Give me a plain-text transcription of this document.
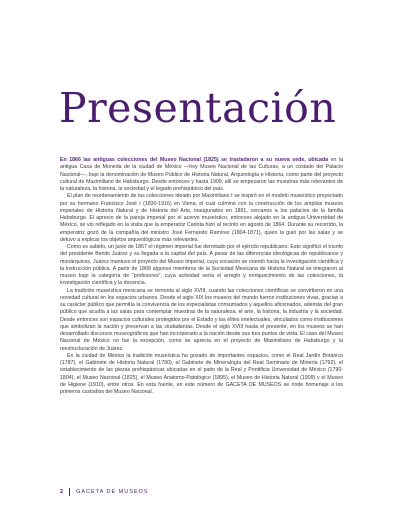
Presentación

En 1866 las antiguas colecciones del Museo Nacional (1825) se trasladaron a su nueva sede, ubicada en la antigua Casa de Moneda de la ciudad de México —hoy Museo Nacional de las Culturas, a un costado del Palacio Nacional—, bajo la denominación de Museo Público de Historia Natural, Arqueología e Historia, como parte del proyecto cultural de Maximiliano de Habsburgo. Desde entonces y hasta 1909, allí se empezaron las muestras más relevantes de la naturaleza, la historia, la sociedad y el legado prehispánico del país.

El plan de reordenamiento de las colecciones ideado por Maximiliano I se inspiró en el modelo museístico proyectado por su hermano Francisco José I (1830-1916) en Viena, el cual culminó con la construcción de los amplios museos imperiales de Historia Natural y de Historia del Arte, inaugurados en 1891, cercanos a los palacios de la familia Habsburgo. El aprecio de la pareja imperial por el acervo museístico, entonces alojado en la antigua Universidad de México, se vio reflejado en la visita que la emperatriz Carlota hizo al recinto en agosto de 1864. Durante su recorrido, la emperatriz gozó de la compañía del ministro José Fernando Ramírez (1804-1871), quien la guió por las salas y se detuvo a explicar los objetos arqueológicos más relevantes.

Como es sabido, un junio de 1867 el régimen imperial fue derrotado por el ejército republicano. Esto significó el triunfo del presidente Benito Juárez y su llegada a la capital del país. A pesar de las diferencias ideológicas de republicanos y monárquicos, Juárez mantuvo el proyecto del Museo Imperial, cuya vocación se orientó hacia la investigación científica y la instrucción pública. A partir de 1868 algunos miembros de la Sociedad Mexicana de Historia Natural se integraron al museo bajo la categoría de “profesores”, cuya actividad sería el arreglo y enriquecimiento de las colecciones, la investigación científica y la docencia.

La tradición museística mexicana se remonta al siglo XVIII, cuando las colecciones científicas se convirtieron en una novedad cultural en los espacios urbanos. Desde el siglo XIX los museos del mundo fueron instituciones vivas, gracias a su carácter público que permitía la convivencia de los especialistas consumados y aquellos aficionados, además del gran público que acudía a las salas para contemplar muestras de la naturaleza, el arte, la historia, la industria y la sociedad. Desde entonces son espacios culturales protegidos por el Estado y las élites intelectuales, vinculados como instituciones que simbolizan la nación y preservan a las ciudadanías. Desde el siglo XVIII hasta el presente, en los museos se han desarrollado discursos museográficos que han incorporado a la nación desde sus tres puntos de vista. El caso del Museo Nacional de México no fue la excepción, como se aprecia en el proyecto de Maximiliano de Habsburgo y la reestructuración de Juárez.

En la ciudad de México la tradición museística ha gozado de importantes espacios, como el Real Jardín Botánico (1787), el Gabinete de Historia Natural (1790), el Gabinete de Mineralogía del Real Seminario de Minería (1792), el establecimiento de las piezas prehispánicas ubicadas en el patio de la Real y Pontificia Universidad de México (1790-1804), el Museo Nacional (1825), el Museo Anatomo-Patológico (1895), el Museo de Historia Natural (1909) y el Museo de Higiene (1910), entre otros. En esta fuente, en este número de GACETA DE MUSEOS se rinde homenaje a los primeros custodios del Museo Nacional.

2 GACETA DE MUSEOS
